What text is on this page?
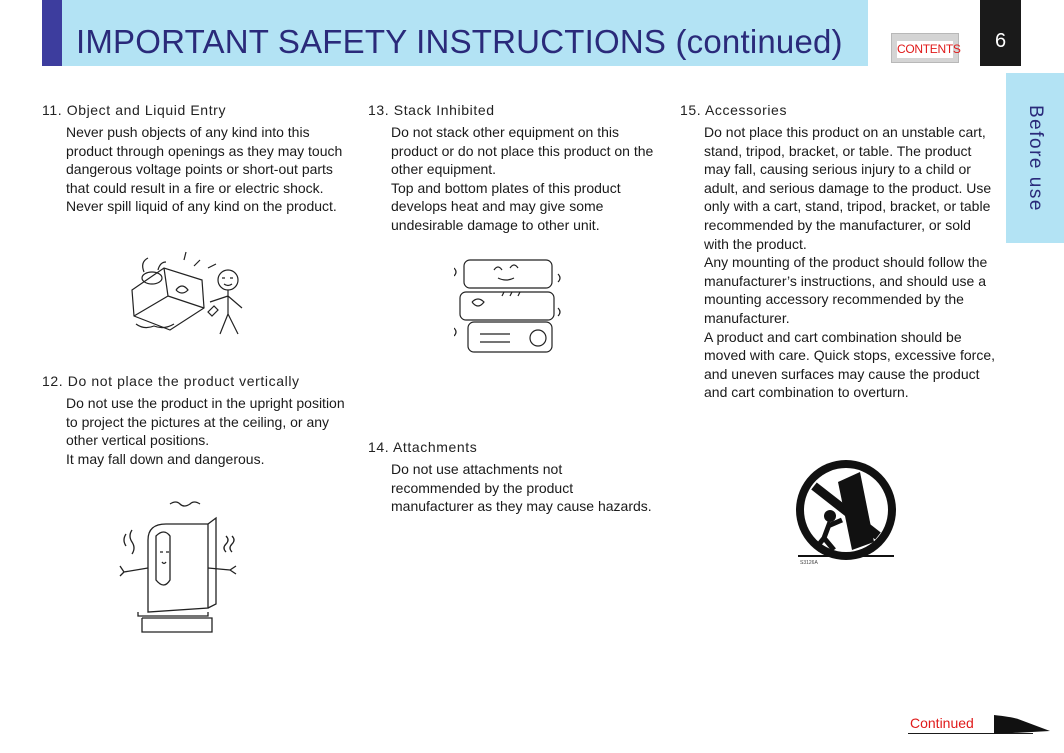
IMPORTANT SAFETY INSTRUCTIONS (continued)	CONTENTS	6
Before use
11. Object and Liquid Entry

Never push objects of any kind into this product through openings as they may touch dangerous voltage points or short-out parts that could result in a fire or electric shock. Never spill liquid of any kind on the product.

12. Do not place the product vertically

Do not use the product in the upright position to project the pictures at the ceiling, or any other vertical positions.

It may fall down and dangerous.

13. Stack Inhibited

Do not stack other equipment on this product or do not place this product on the other equipment.

Top and bottom plates of this product develops heat and may give some undesirable damage to other unit.

14. Attachments

Do not use attachments not recommended by the product manufacturer as they may cause hazards.

15. Accessories

Do not place this product on an unstable cart, stand, tripod, bracket, or table. The product may fall, causing serious injury to a child or adult, and serious damage to the product. Use only with a cart, stand, tripod, bracket, or table recommended by the manufacturer, or sold with the product.

Any mounting of the product should follow the manufacturer’s instructions, and should use a mounting accessory recommended by the manufacturer.

A product and cart combination should be moved with care. Quick stops, excessive force, and uneven surfaces may cause the product and cart combination to overturn.

S3126A
Continued
